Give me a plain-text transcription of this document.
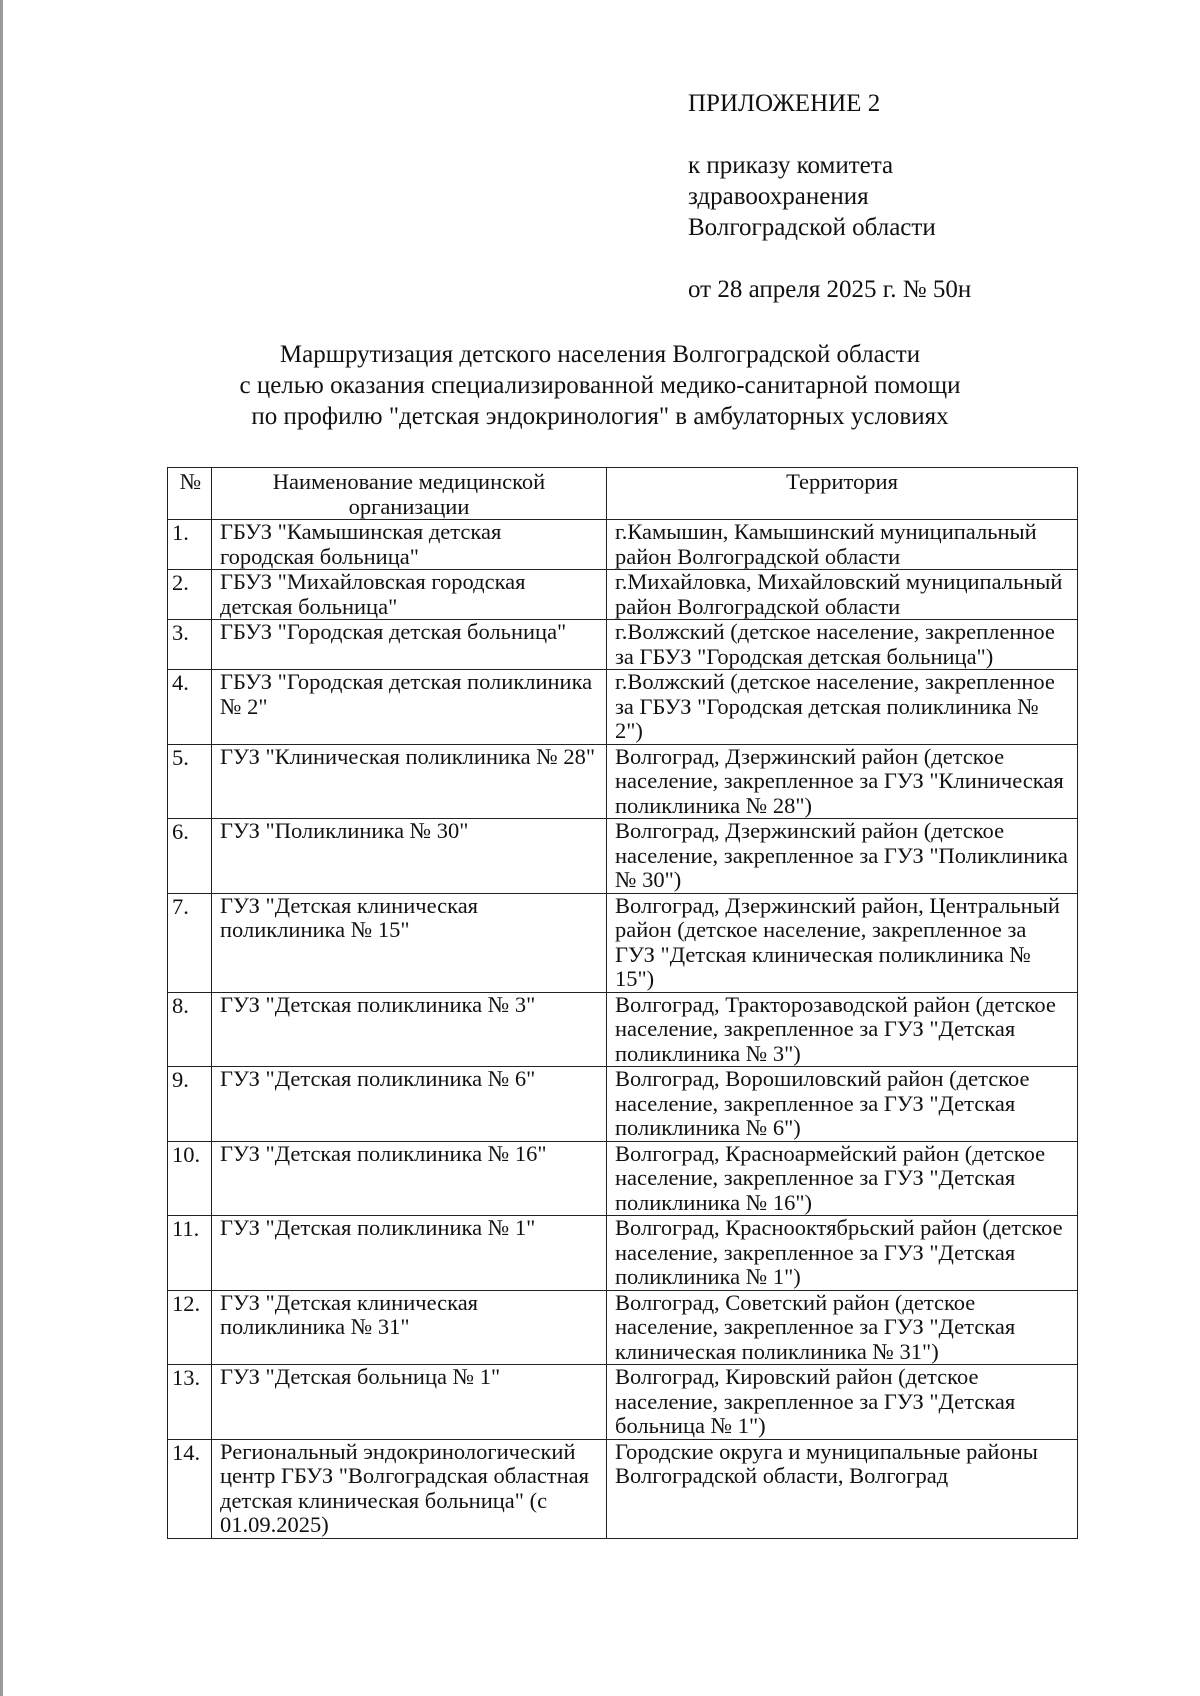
ПРИЛОЖЕНИЕ 2
к приказу комитета
здравоохранения
Волгоградской области
от 28 апреля 2025 г. № 50н
Маршрутизация детского населения Волгоградской области
с целью оказания специализированной медико-санитарной помощи
по профилю "детская эндокринология" в амбулаторных условиях
№	Наименование медицинской организации	Территория
1.	ГБУЗ "Камышинская детская городская больница"	г.Камышин, Камышинский муниципальный район Волгоградской области
2.	ГБУЗ "Михайловская городская детская больница"	г.Михайловка, Михайловский муниципальный район Волгоградской области
3.	ГБУЗ "Городская детская больница"	г.Волжский (детское население, закрепленное за ГБУЗ "Городская детская больница")
4.	ГБУЗ "Городская детская поликлиника № 2"	г.Волжский (детское население, закрепленное за ГБУЗ "Городская детская поликлиника № 2")
5.	ГУЗ "Клиническая поликлиника № 28"	Волгоград, Дзержинский район (детское население, закрепленное за ГУЗ "Клиническая поликлиника № 28")
6.	ГУЗ "Поликлиника № 30"	Волгоград, Дзержинский район (детское население, закрепленное за ГУЗ "Поликлиника № 30")
7.	ГУЗ "Детская клиническая поликлиника № 15"	Волгоград, Дзержинский район, Центральный район (детское население, закрепленное за ГУЗ "Детская клиническая поликлиника № 15")
8.	ГУЗ "Детская поликлиника № 3"	Волгоград, Тракторозаводской район (детское население, закрепленное за ГУЗ "Детская поликлиника № 3")
9.	ГУЗ "Детская поликлиника № 6"	Волгоград, Ворошиловский район (детское население, закрепленное за ГУЗ "Детская поликлиника № 6")
10.	ГУЗ "Детская поликлиника № 16"	Волгоград, Красноармейский район (детское население, закрепленное за ГУЗ "Детская поликлиника № 16")
11.	ГУЗ "Детская поликлиника № 1"	Волгоград, Краснооктябрьский район (детское население, закрепленное за ГУЗ "Детская поликлиника № 1")
12.	ГУЗ "Детская клиническая поликлиника № 31"	Волгоград, Советский район (детское население, закрепленное за ГУЗ "Детская клиническая поликлиника № 31")
13.	ГУЗ "Детская больница № 1"	Волгоград, Кировский район (детское население, закрепленное за ГУЗ "Детская больница № 1")
14.	Региональный эндокринологический центр ГБУЗ "Волгоградская областная детская клиническая больница" (с 01.09.2025)	Городские округа и муниципальные районы Волгоградской области, Волгоград
